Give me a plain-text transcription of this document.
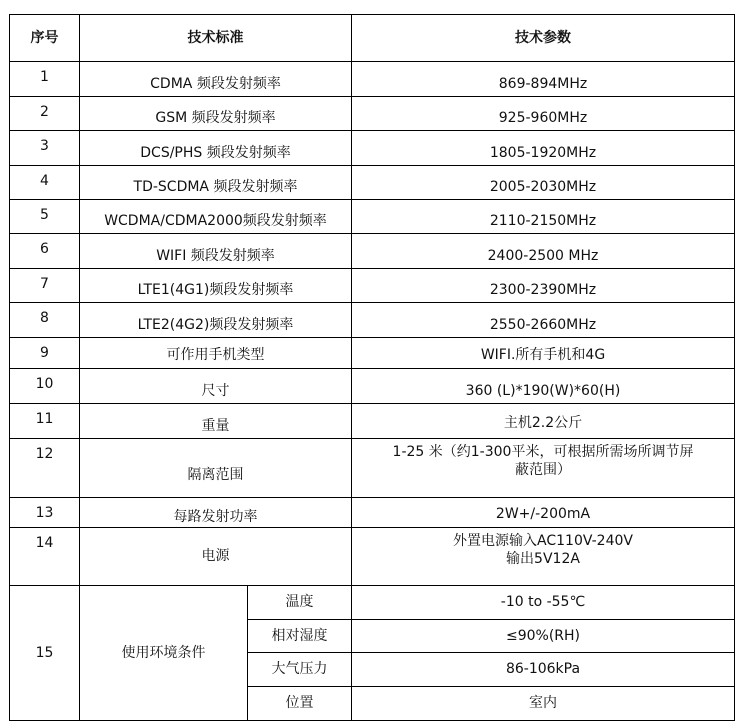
序号	技术标准		技术参数
1	CDMA 频段发射频率		869-894MHz
2	GSM 频段发射频率		925-960MHz
3	DCS/PHS 频段发射频率		1805-1920MHz
4	TD-SCDMA 频段发射频率		2005-2030MHz
5	WCDMA/CDMA2000频段发射频率		2110-2150MHz
6	WIFI 频段发射频率		2400-2500 MHz
7	LTE1(4G1)频段发射频率		2300-2390MHz
8	LTE2(4G2)频段发射频率		2550-2660MHz
9	可作用手机类型		WIFI.所有手机和4G
10	尺寸		360 (L)*190(W)*60(H)
11	重量		主机2.2公斤
12	隔离范围		1-25 米（约1-300平米，可根据所需场所调节屏
蔽范围）

13	每路发射功率		2W+/-200mA
14	电源		外置电源输入AC110V-240V
输出5V12A

15	使用环境条件	温度	-10 to -55℃
		相对湿度	≤90%(RH)
		大气压力	86-106kPa
		位置	室内
